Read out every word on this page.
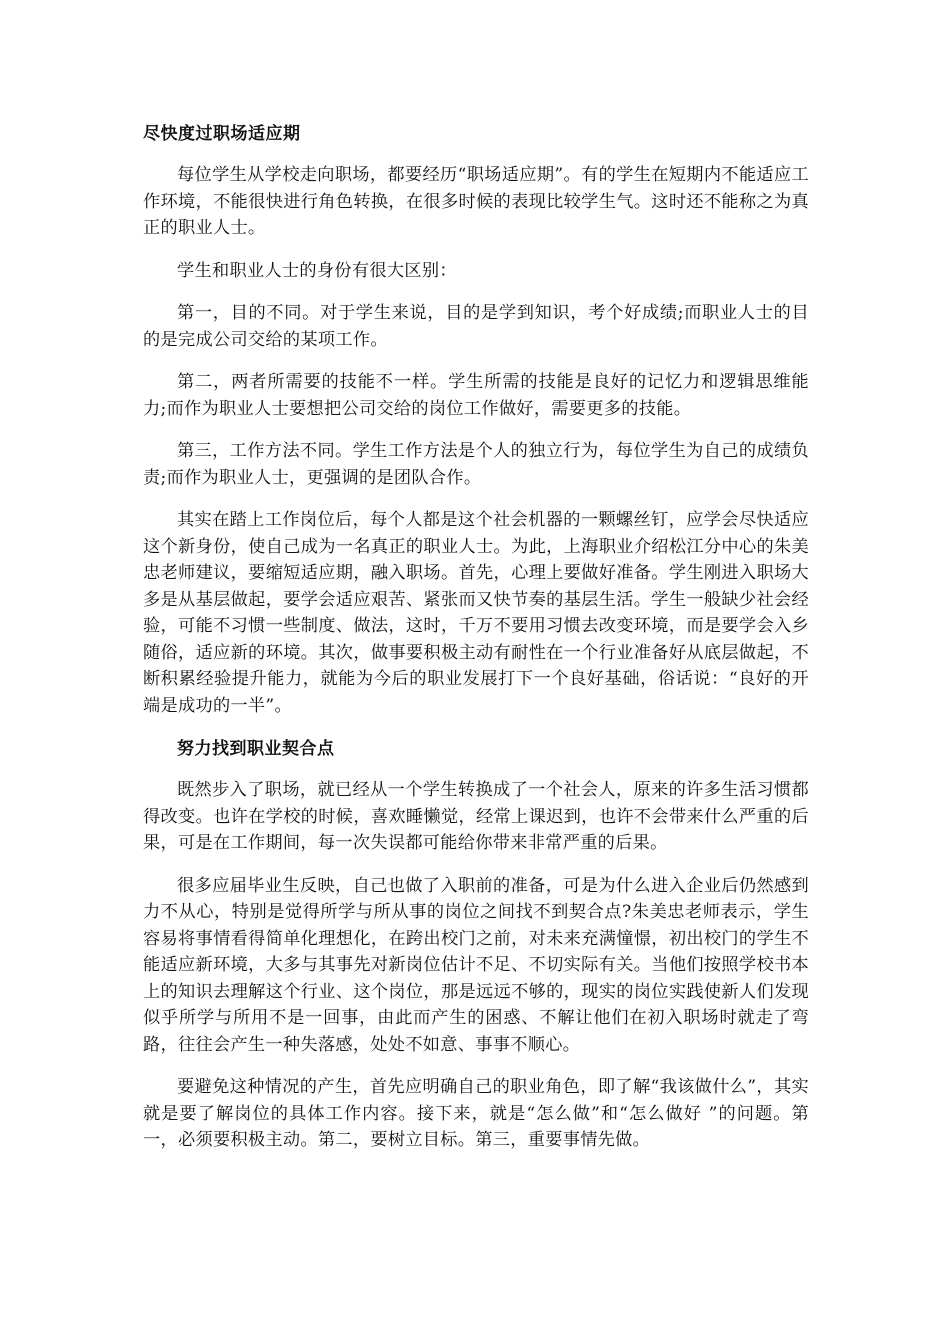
尽快度过职场适应期

每位学生从学校走向职场，都要经历“职场适应期”。有的学生在短期内不能适应工作环境，不能很快进行角色转换，在很多时候的表现比较学生气。这时还不能称之为真正的职业人士。

学生和职业人士的身份有很大区别：

第一，目的不同。对于学生来说，目的是学到知识，考个好成绩;而职业人士的目的是完成公司交给的某项工作。

第二，两者所需要的技能不一样。学生所需的技能是良好的记忆力和逻辑思维能力;而作为职业人士要想把公司交给的岗位工作做好，需要更多的技能。

第三，工作方法不同。学生工作方法是个人的独立行为，每位学生为自己的成绩负责;而作为职业人士，更强调的是团队合作。

其实在踏上工作岗位后，每个人都是这个社会机器的一颗螺丝钉，应学会尽快适应这个新身份，使自己成为一名真正的职业人士。为此，上海职业介绍松江分中心的朱美忠老师建议，要缩短适应期，融入职场。首先，心理上要做好准备。学生刚进入职场大多是从基层做起，要学会适应艰苦、紧张而又快节奏的基层生活。学生一般缺少社会经验，可能不习惯一些制度、做法，这时，千万不要用习惯去改变环境，而是要学会入乡随俗，适应新的环境。其次，做事要积极主动有耐性在一个行业准备好从底层做起，不断积累经验提升能力，就能为今后的职业发展打下一个良好基础，俗话说：“良好的开端是成功的一半”。

努力找到职业契合点

既然步入了职场，就已经从一个学生转换成了一个社会人，原来的许多生活习惯都得改变。也许在学校的时候，喜欢睡懒觉，经常上课迟到，也许不会带来什么严重的后果，可是在工作期间，每一次失误都可能给你带来非常严重的后果。

很多应届毕业生反映，自己也做了入职前的准备，可是为什么进入企业后仍然感到力不从心，特别是觉得所学与所从事的岗位之间找不到契合点?朱美忠老师表示，学生容易将事情看得简单化理想化，在跨出校门之前，对未来充满憧憬，初出校门的学生不能适应新环境，大多与其事先对新岗位估计不足、不切实际有关。当他们按照学校书本上的知识去理解这个行业、这个岗位，那是远远不够的，现实的岗位实践使新人们发现似乎所学与所用不是一回事，由此而产生的困惑、不解让他们在初入职场时就走了弯路，往往会产生一种失落感，处处不如意、事事不顺心。

要避免这种情况的产生，首先应明确自己的职业角色，即了解“我该做什么”，其实就是要了解岗位的具体工作内容。接下来，就是“怎么做”和“怎么做好 ”的问题。第一，必须要积极主动。第二，要树立目标。第三，重要事情先做。
